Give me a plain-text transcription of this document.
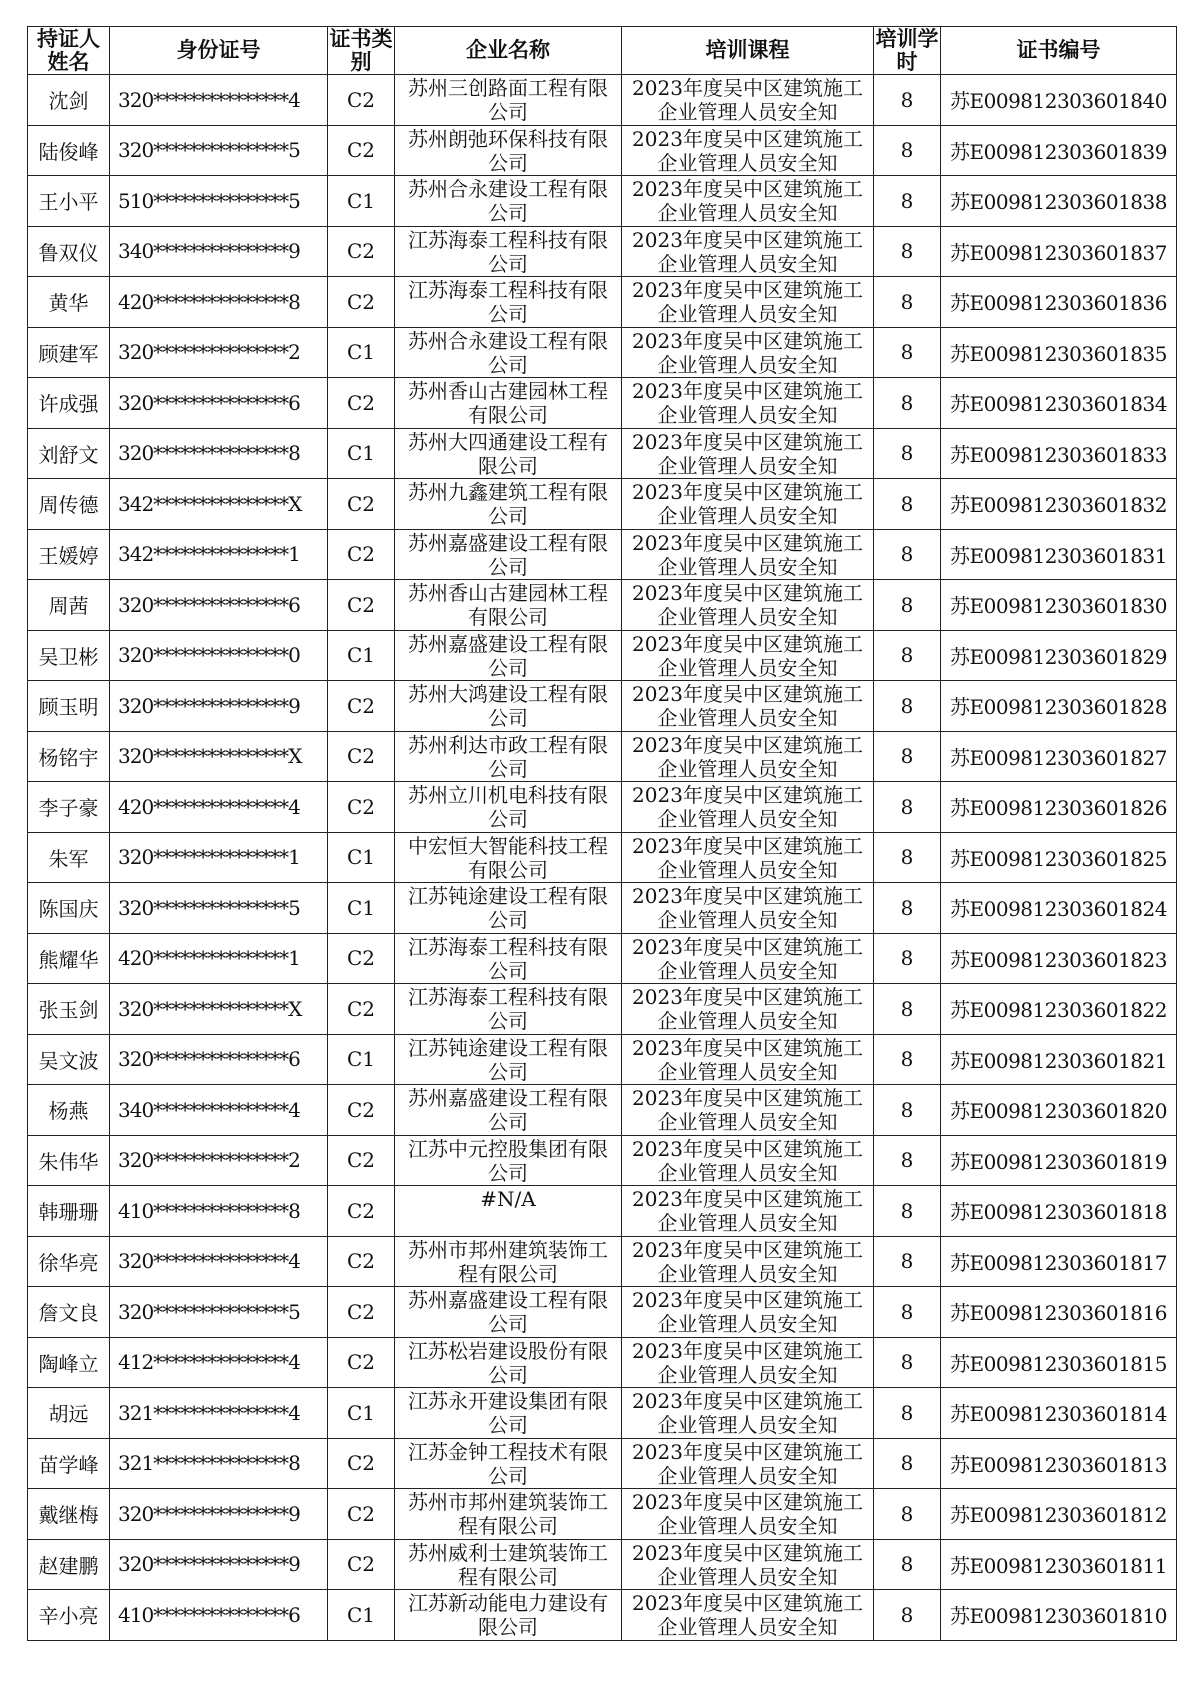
持证人姓名	身份证号	证书类别	企业名称	培训课程	培训学时	证书编号
沈剑	320***************4	C2	苏州三创路面工程有限公司	2023年度吴中区建筑施工企业管理人员安全知	8	苏E009812303601840
陆俊峰	320***************5	C2	苏州朗弛环保科技有限公司	2023年度吴中区建筑施工企业管理人员安全知	8	苏E009812303601839
王小平	510***************5	C1	苏州合永建设工程有限公司	2023年度吴中区建筑施工企业管理人员安全知	8	苏E009812303601838
鲁双仪	340***************9	C2	江苏海泰工程科技有限公司	2023年度吴中区建筑施工企业管理人员安全知	8	苏E009812303601837
黄华	420***************8	C2	江苏海泰工程科技有限公司	2023年度吴中区建筑施工企业管理人员安全知	8	苏E009812303601836
顾建军	320***************2	C1	苏州合永建设工程有限公司	2023年度吴中区建筑施工企业管理人员安全知	8	苏E009812303601835
许成强	320***************6	C2	苏州香山古建园林工程有限公司	2023年度吴中区建筑施工企业管理人员安全知	8	苏E009812303601834
刘舒文	320***************8	C1	苏州大四通建设工程有限公司	2023年度吴中区建筑施工企业管理人员安全知	8	苏E009812303601833
周传德	342***************X	C2	苏州九鑫建筑工程有限公司	2023年度吴中区建筑施工企业管理人员安全知	8	苏E009812303601832
王媛婷	342***************1	C2	苏州嘉盛建设工程有限公司	2023年度吴中区建筑施工企业管理人员安全知	8	苏E009812303601831
周茜	320***************6	C2	苏州香山古建园林工程有限公司	2023年度吴中区建筑施工企业管理人员安全知	8	苏E009812303601830
吴卫彬	320***************0	C1	苏州嘉盛建设工程有限公司	2023年度吴中区建筑施工企业管理人员安全知	8	苏E009812303601829
顾玉明	320***************9	C2	苏州大鸿建设工程有限公司	2023年度吴中区建筑施工企业管理人员安全知	8	苏E009812303601828
杨铭宇	320***************X	C2	苏州利达市政工程有限公司	2023年度吴中区建筑施工企业管理人员安全知	8	苏E009812303601827
李子豪	420***************4	C2	苏州立川机电科技有限公司	2023年度吴中区建筑施工企业管理人员安全知	8	苏E009812303601826
朱军	320***************1	C1	中宏恒大智能科技工程有限公司	2023年度吴中区建筑施工企业管理人员安全知	8	苏E009812303601825
陈国庆	320***************5	C1	江苏钝途建设工程有限公司	2023年度吴中区建筑施工企业管理人员安全知	8	苏E009812303601824
熊耀华	420***************1	C2	江苏海泰工程科技有限公司	2023年度吴中区建筑施工企业管理人员安全知	8	苏E009812303601823
张玉剑	320***************X	C2	江苏海泰工程科技有限公司	2023年度吴中区建筑施工企业管理人员安全知	8	苏E009812303601822
吴文波	320***************6	C1	江苏钝途建设工程有限公司	2023年度吴中区建筑施工企业管理人员安全知	8	苏E009812303601821
杨燕	340***************4	C2	苏州嘉盛建设工程有限公司	2023年度吴中区建筑施工企业管理人员安全知	8	苏E009812303601820
朱伟华	320***************2	C2	江苏中元控股集团有限公司	2023年度吴中区建筑施工企业管理人员安全知	8	苏E009812303601819
韩珊珊	410***************8	C2	#N/A	2023年度吴中区建筑施工企业管理人员安全知	8	苏E009812303601818
徐华亮	320***************4	C2	苏州市邦州建筑装饰工程有限公司	2023年度吴中区建筑施工企业管理人员安全知	8	苏E009812303601817
詹文良	320***************5	C2	苏州嘉盛建设工程有限公司	2023年度吴中区建筑施工企业管理人员安全知	8	苏E009812303601816
陶峰立	412***************4	C2	江苏松岩建设股份有限公司	2023年度吴中区建筑施工企业管理人员安全知	8	苏E009812303601815
胡远	321***************4	C1	江苏永开建设集团有限公司	2023年度吴中区建筑施工企业管理人员安全知	8	苏E009812303601814
苗学峰	321***************8	C2	江苏金钟工程技术有限公司	2023年度吴中区建筑施工企业管理人员安全知	8	苏E009812303601813
戴继梅	320***************9	C2	苏州市邦州建筑装饰工程有限公司	2023年度吴中区建筑施工企业管理人员安全知	8	苏E009812303601812
赵建鹏	320***************9	C2	苏州威利士建筑装饰工程有限公司	2023年度吴中区建筑施工企业管理人员安全知	8	苏E009812303601811
辛小亮	410***************6	C1	江苏新动能电力建设有限公司	2023年度吴中区建筑施工企业管理人员安全知	8	苏E009812303601810
